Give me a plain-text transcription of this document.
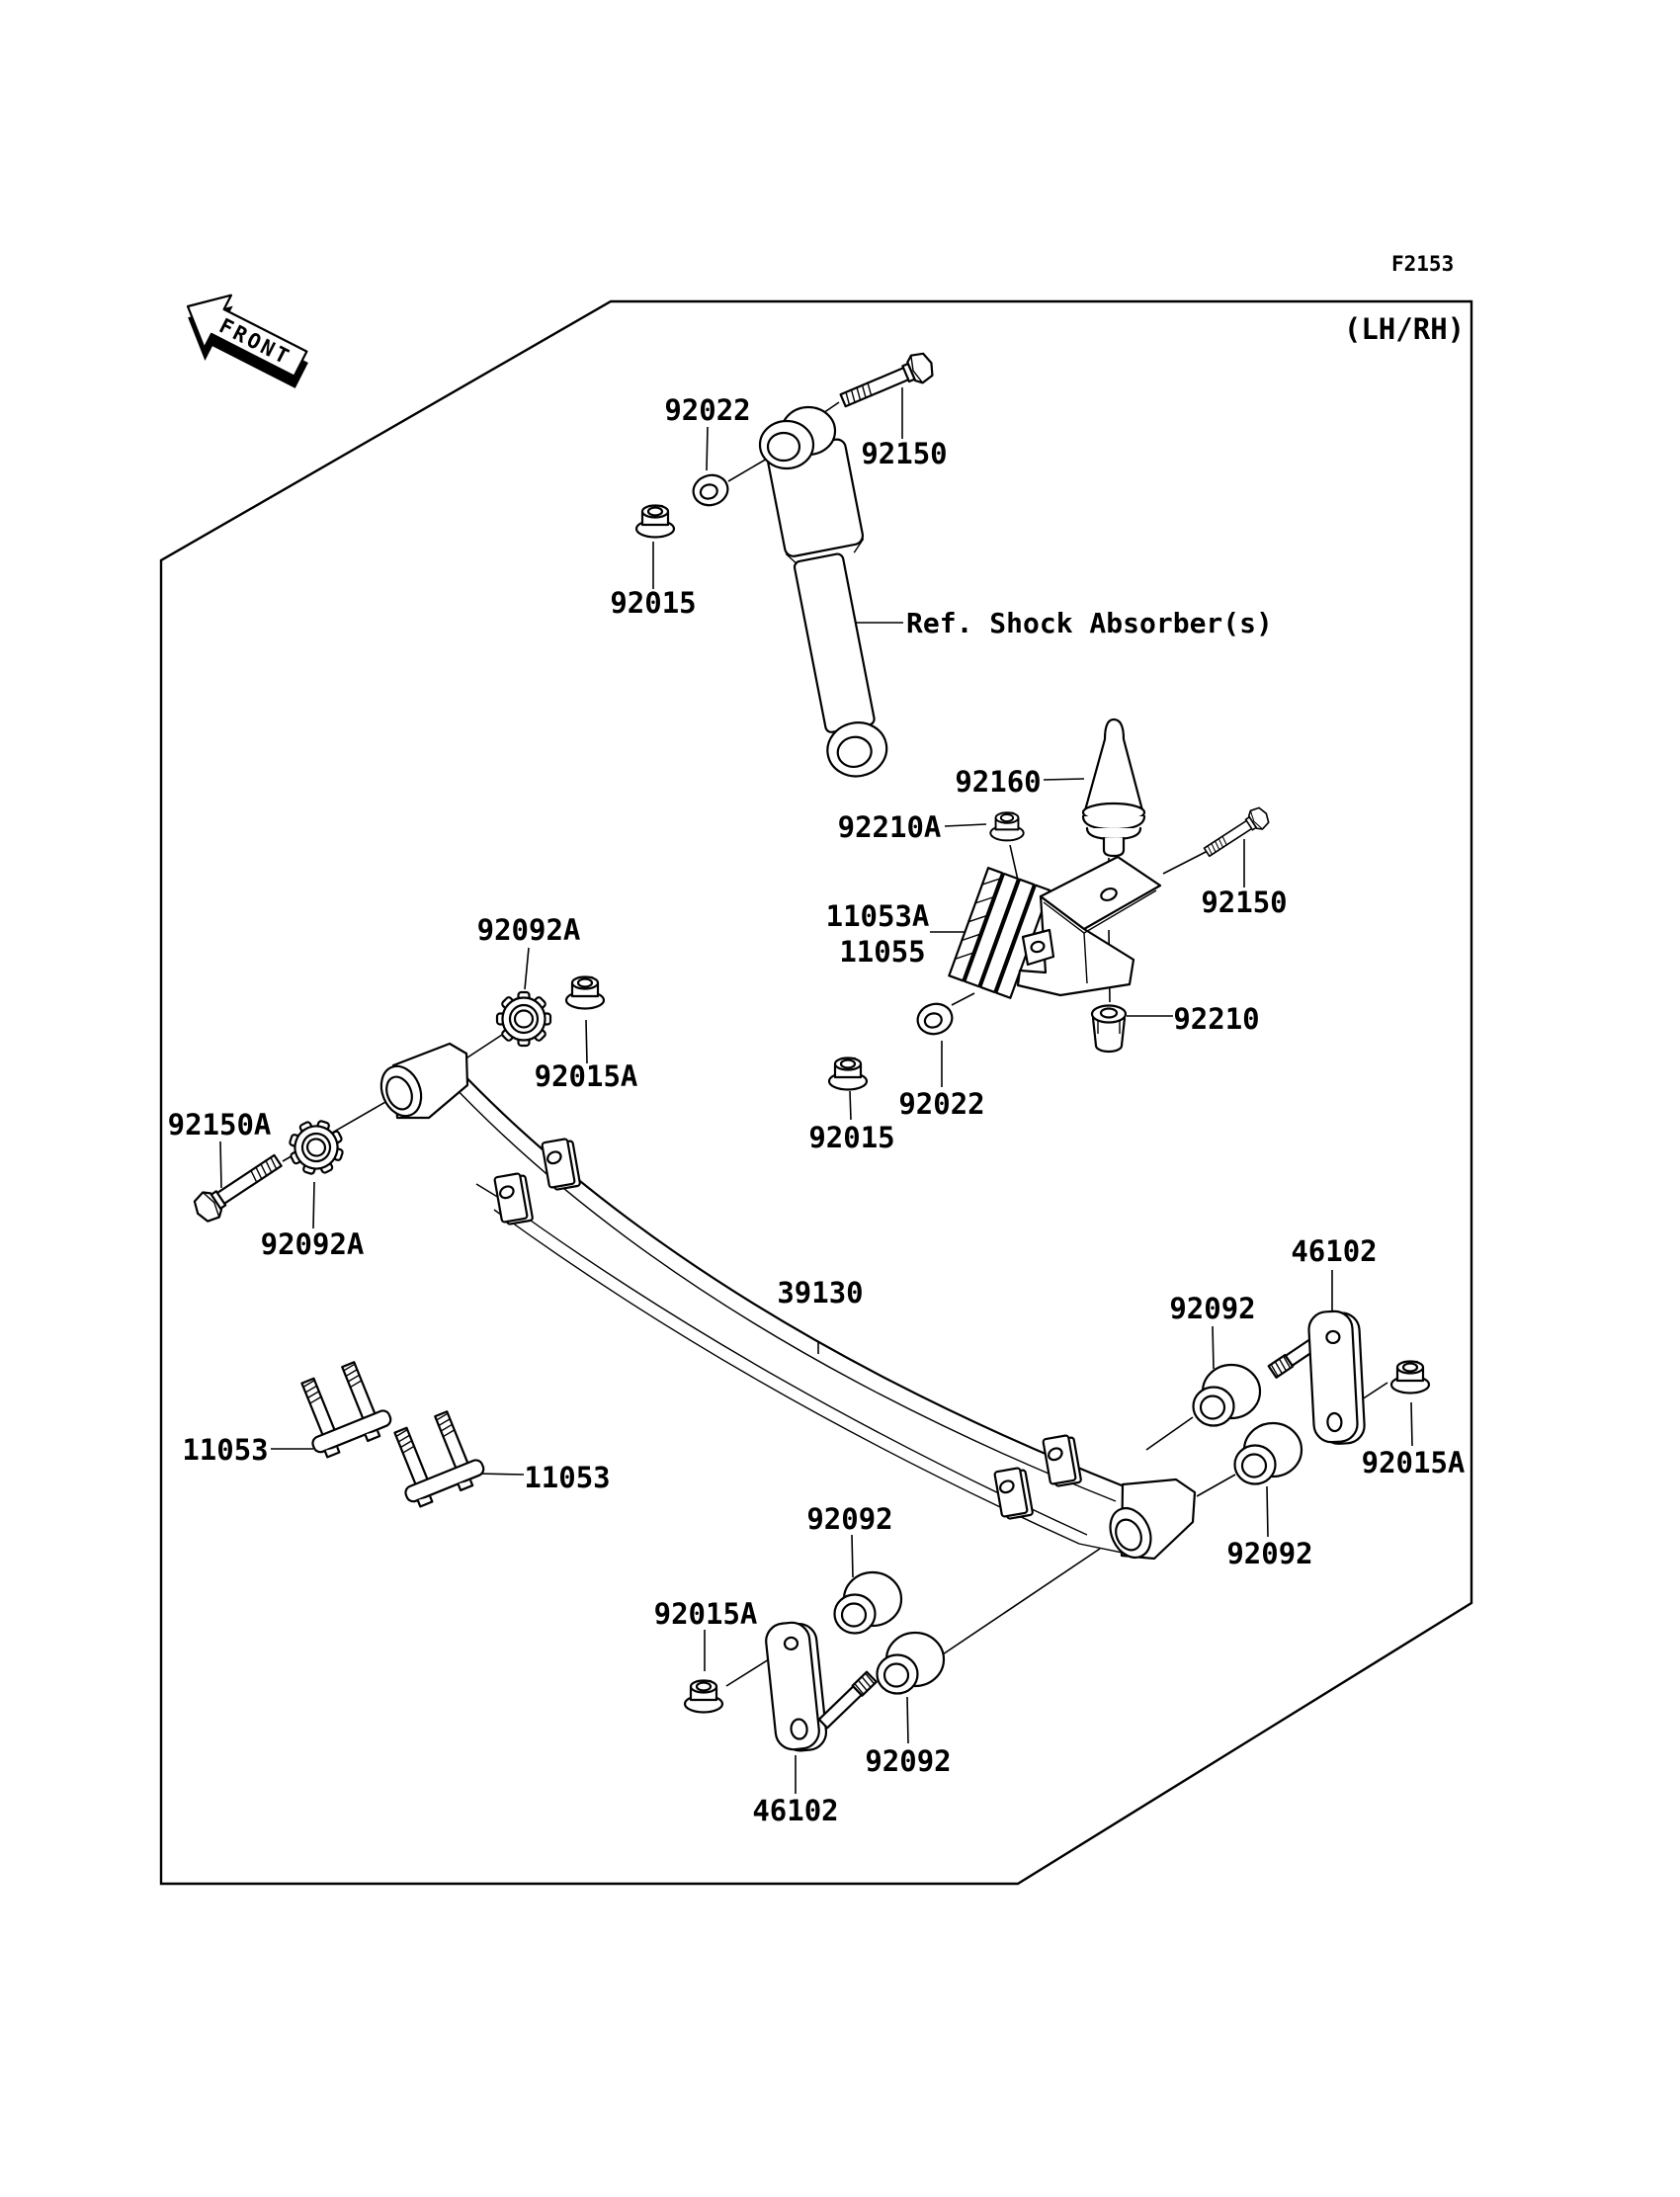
FRONT
F2153
(LH/RH)
92022
92150
92015
92160
92210A
92150
11053A
11055
92210
92022
92015
92092A
92015A
92150A
92092A
39130
11053
11053
46102
92092
92015A
92092
92092
92015A
92092
46102
Ref. Shock Absorber(s)
